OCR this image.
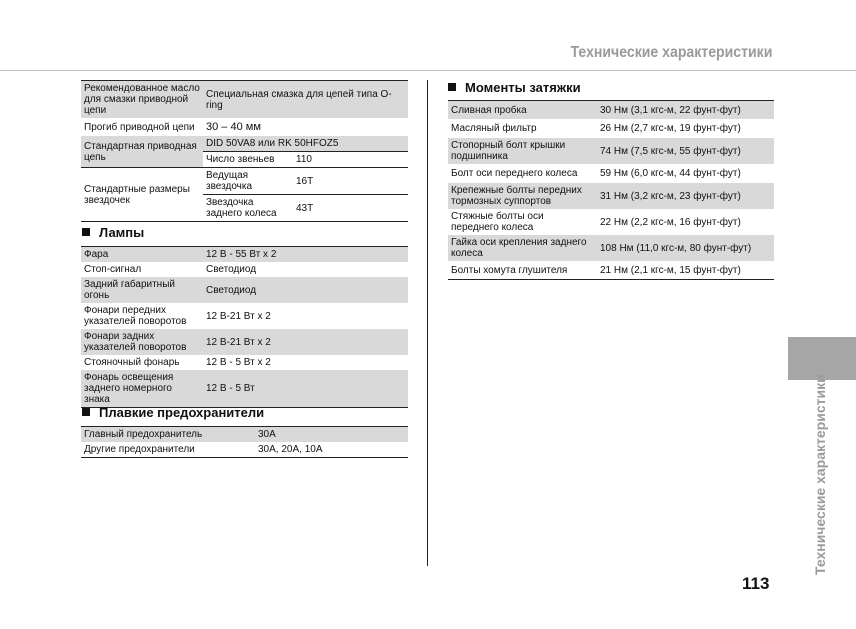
Технические характеристики
Технические характеристики
113
Рекомендованное масло для смазки приводной цепи	Специальная смазка для цепей типа O-ring	
Прогиб приводной цепи	30 – 40 мм	
Стандартная приводная цепь	DID 50VA8 или RK 50HFOZ5	
	Число звеньев	110
Стандартные размеры звездочек	Ведущая звездочка	16T
	Звездочка заднего колеса	43T
Лампы
Фара	12 В - 55 Вт x 2
Стоп-сигнал	Светодиод
Задний габаритный огонь	Светодиод
Фонари передних указателей поворотов	12 В-21 Вт x 2
Фонари задних указателей поворотов	12 В-21 Вт x 2
Стояночный фонарь	12 В - 5 Вт x 2
Фонарь освещения заднего номерного знака	12 В - 5 Вт
Плавкие предохранители
Главный предохранитель	30A
Другие предохранители	30A, 20A, 10A
Моменты затяжки
Сливная пробка	30 Нм (3,1 кгс-м, 22 фунт-фут)
Масляный фильтр	26 Нм (2,7 кгс-м, 19 фунт-фут)
Стопорный болт крышки подшипника	74 Нм (7,5 кгс-м, 55 фунт-фут)
Болт оси переднего колеса	59 Нм (6,0 кгс-м, 44 фунт-фут)
Крепежные болты передних тормозных суппортов	31 Нм (3,2 кгс-м, 23 фунт-фут)
Стяжные болты оси переднего колеса	22 Нм (2,2 кгс-м, 16 фунт-фут)
Гайка оси крепления заднего колеса	108 Нм (11,0 кгс-м, 80 фунт-фут)
Болты хомута глушителя	21 Нм (2,1 кгс-м, 15 фунт-фут)
